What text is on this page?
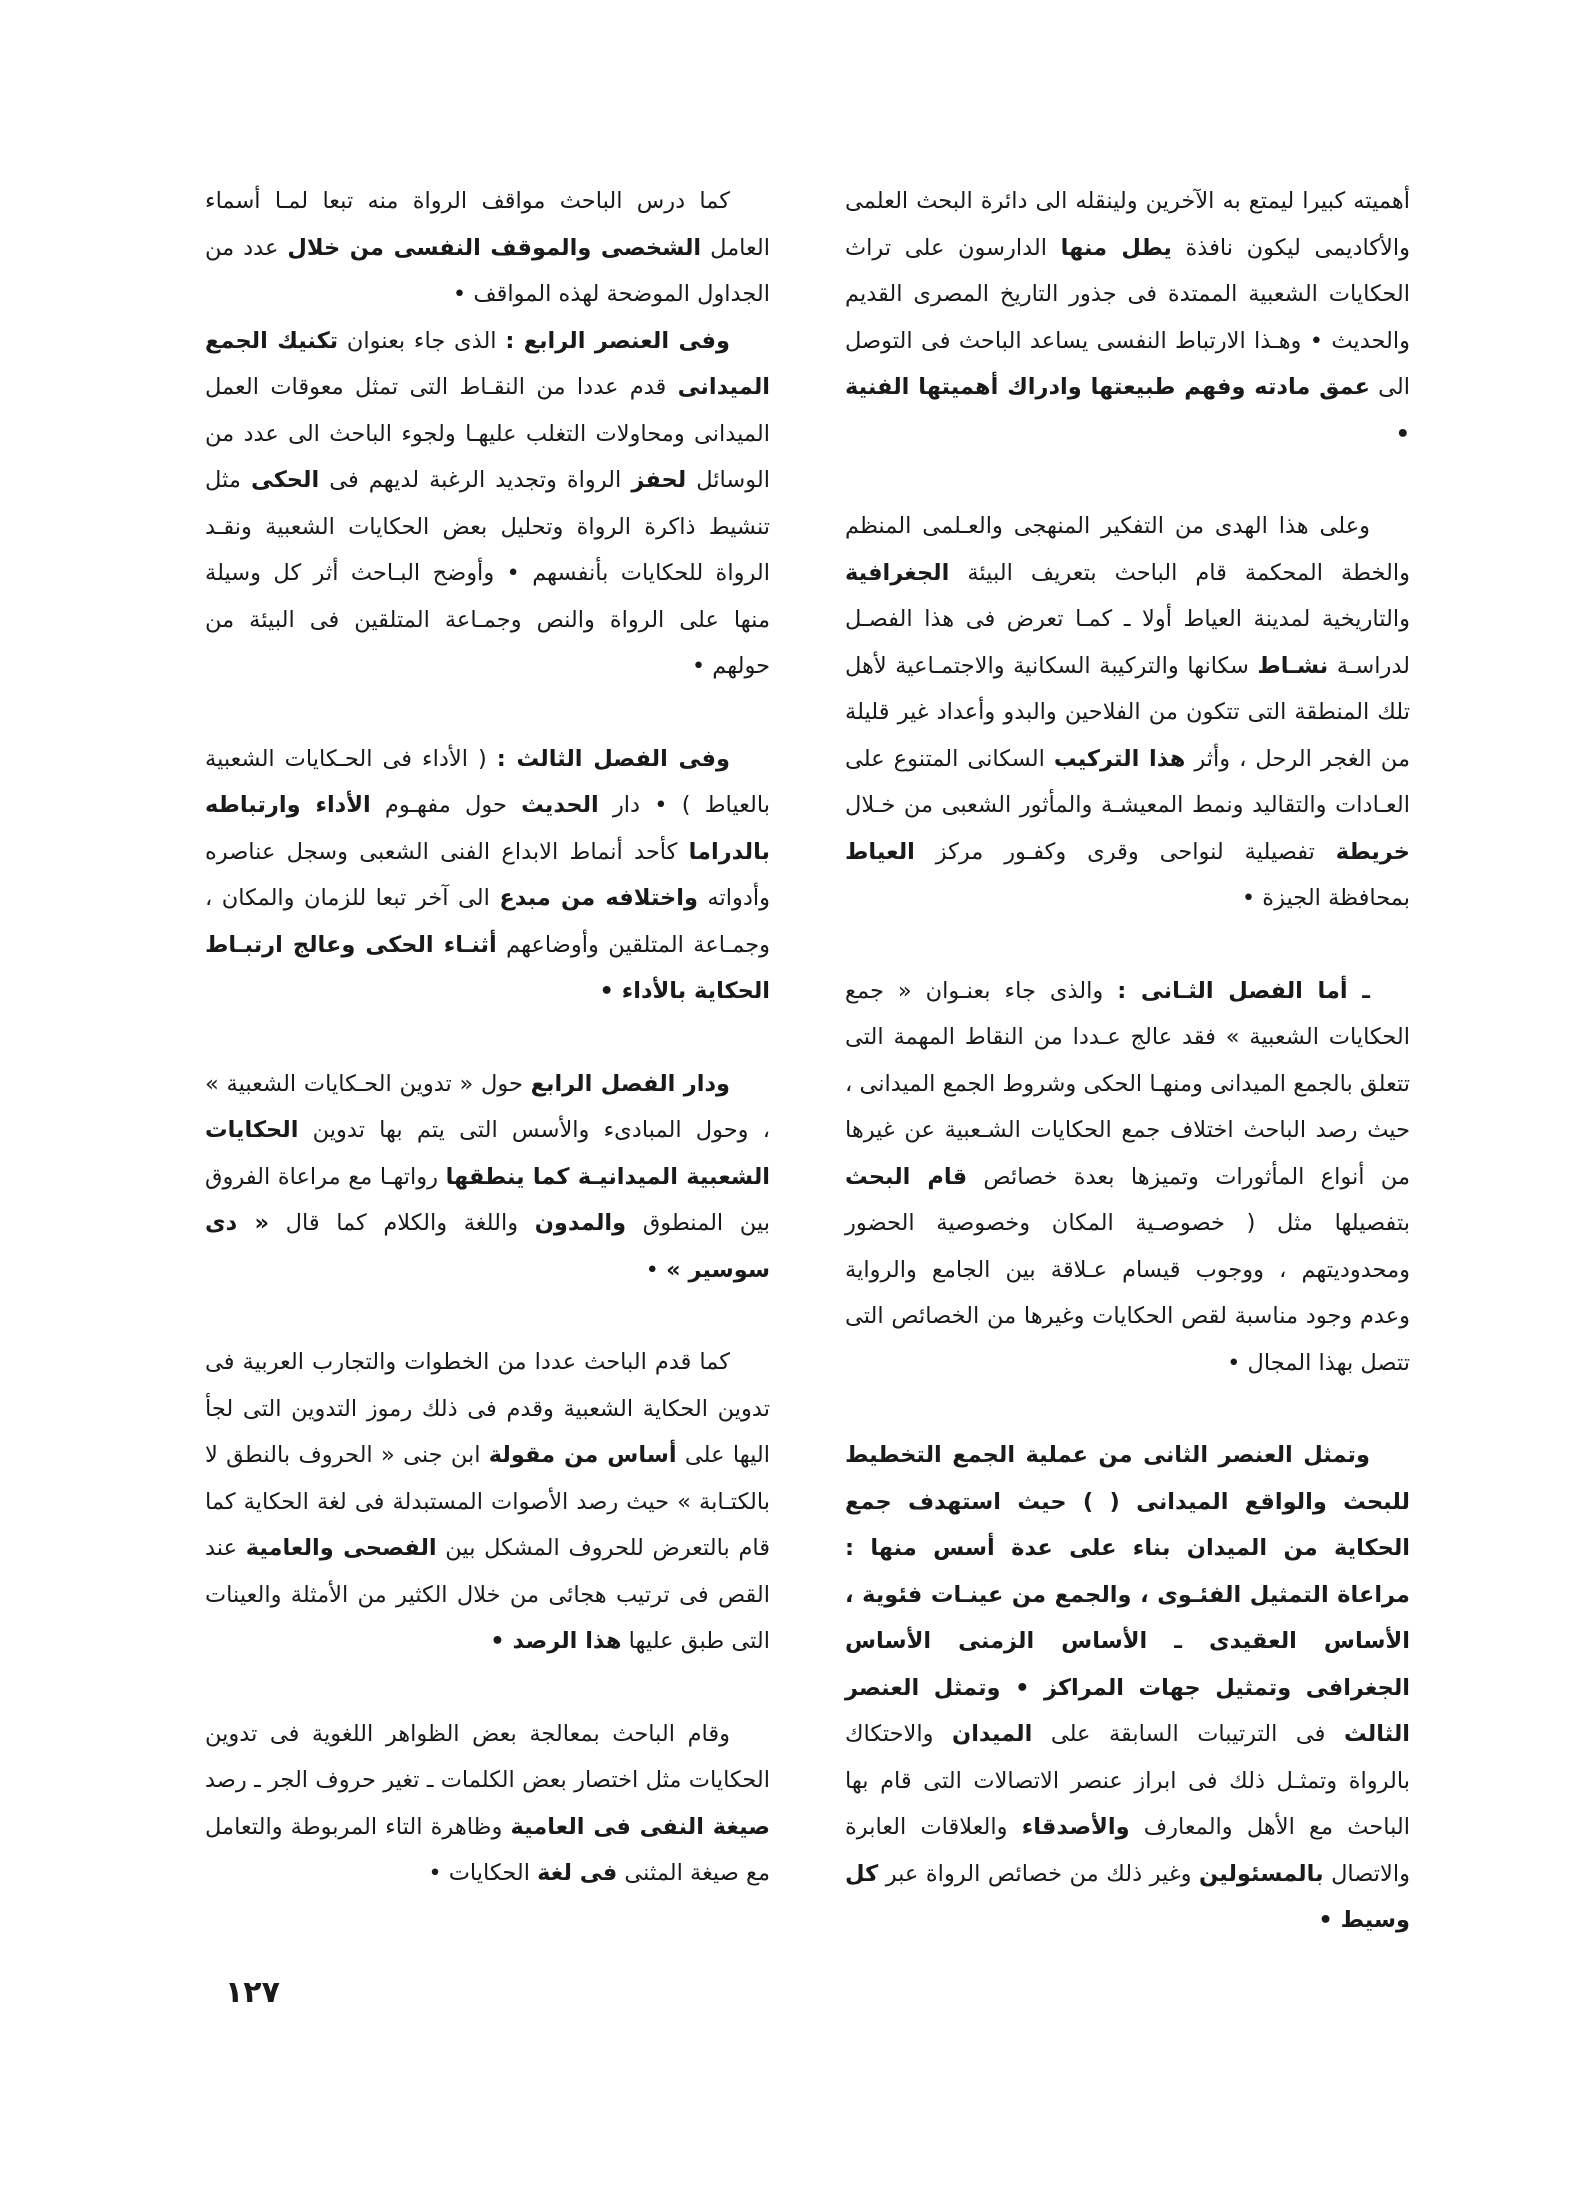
أهميته كبيرا ليمتع به الآخرين ولينقله الى دائرة البحث العلمى والأكاديمى ليكون نافذة يطل منها الدارسون على تراث الحكايات الشعبية الممتدة فى جذور التاريخ المصرى القديم والحديث • وهـذا الارتباط النفسى يساعد الباحث فى التوصل الى عمق مادته وفهم طبيعتها وادراك أهميتها الفنية •

وعلى هذا الهدى من التفكير المنهجى والعـلمى المنظم والخطة المحكمة قام الباحث بتعريف البيئة الجغرافية والتاريخية لمدينة العياط أولا ـ كمـا تعرض فى هذا الفصـل لدراسـة نشـاط سكانها والتركيبة السكانية والاجتمـاعية لأهل تلك المنطقة التى تتكون من الفلاحين والبدو وأعداد غير قليلة من الغجر الرحل ، وأثر هذا التركيب السكانى المتنوع على العـادات والتقاليد ونمط المعيشـة والمأثور الشعبى من خـلال خريطة تفصيلية لنواحى وقرى وكفـور مركز العياط بمحافظة الجيزة •

ـ أما الفصل الثـانى : والذى جاء بعنـوان « جمع الحكايات الشعبية » فقد عالج عـددا من النقاط المهمة التى تتعلق بالجمع الميدانى ومنهـا الحكى وشروط الجمع الميدانى ، حيث رصد الباحث اختلاف جمع الحكايات الشـعبية عن غيرها من أنواع المأثورات وتميزها بعدة خصائص قام البحث بتفصيلها مثل ( خصوصـية المكان وخصوصية الحضور ومحدوديتهم ، ووجوب قيسام عـلاقة بين الجامع والرواية وعدم وجود مناسبة لقص الحكايات وغيرها من الخصائص التى تتصل بهذا المجال •

وتمثل العنصر الثانى من عملية الجمع التخطيط للبحث والواقع الميدانى ( ) حيث استهدف جمع الحكاية من الميدان بناء على عدة أسس منها : مراعاة التمثيل الفئـوى ، والجمع من عينـات فئوية ، الأساس العقيدى ـ الأساس الزمنى الأساس الجغرافى وتمثيل جهات المراكز • وتمثل العنصر الثالث فى الترتيبات السابقة على الميدان والاحتكاك بالرواة وتمثـل ذلك فى ابراز عنصر الاتصالات التى قام بها الباحث مع الأهل والمعارف والأصدقاء والعلاقات العابرة والاتصال بالمسئولين وغير ذلك من خصائص الرواة عبر كل وسيط •

كما درس الباحث مواقف الرواة منه تبعا لمـا أسماء العامل الشخصى والموقف النفسى من خلال عدد من الجداول الموضحة لهذه المواقف •

وفى العنصر الرابع : الذى جاء بعنوان تكنيك الجمع الميدانى قدم عددا من النقـاط التى تمثل معوقات العمل الميدانى ومحاولات التغلب عليهـا ولجوء الباحث الى عدد من الوسائل لحفز الرواة وتجديد الرغبة لديهم فى الحكى مثل تنشيط ذاكرة الرواة وتحليل بعض الحكايات الشعبية ونقـد الرواة للحكايات بأنفسهم • وأوضح البـاحث أثر كل وسيلة منها على الرواة والنص وجمـاعة المتلقين فى البيئة من حولهم •

وفى الفصل الثالث : ( الأداء فى الحـكايات الشعبية بالعياط ) • دار الحديث حول مفهـوم الأداء وارتباطه بالدراما كأحد أنماط الابداع الفنى الشعبى وسجل عناصره وأدواته واختلافه من مبدع الى آخر تبعا للزمان والمكان ، وجمـاعة المتلقين وأوضاعهم أثنـاء الحكى وعالج ارتبـاط الحكاية بالأداء •

ودار الفصل الرابع حول « تدوين الحـكايات الشعبية » ، وحول المبادىء والأسس التى يتم بها تدوين الحكايات الشعبية الميدانيـة كما ينطقها رواتهـا مع مراعاة الفروق بين المنطوق والمدون واللغة والكلام كما قال « دى سوسير » •

كما قدم الباحث عددا من الخطوات والتجارب العربية فى تدوين الحكاية الشعبية وقدم فى ذلك رموز التدوين التى لجأ اليها على أساس من مقولة ابن جنى « الحروف بالنطق لا بالكتـابة » حيث رصد الأصوات المستبدلة فى لغة الحكاية كما قام بالتعرض للحروف المشكل بين الفصحى والعامية عند القص فى ترتيب هجائى من خلال الكثير من الأمثلة والعينات التى طبق عليها هذا الرصد •

وقام الباحث بمعالجة بعض الظواهر اللغوية فى تدوين الحكايات مثل اختصار بعض الكلمات ـ تغير حروف الجر ـ رصد صيغة النفى فى العامية وظاهرة التاء المربوطة والتعامل مع صيغة المثنى فى لغة الحكايات •

١٢٧
